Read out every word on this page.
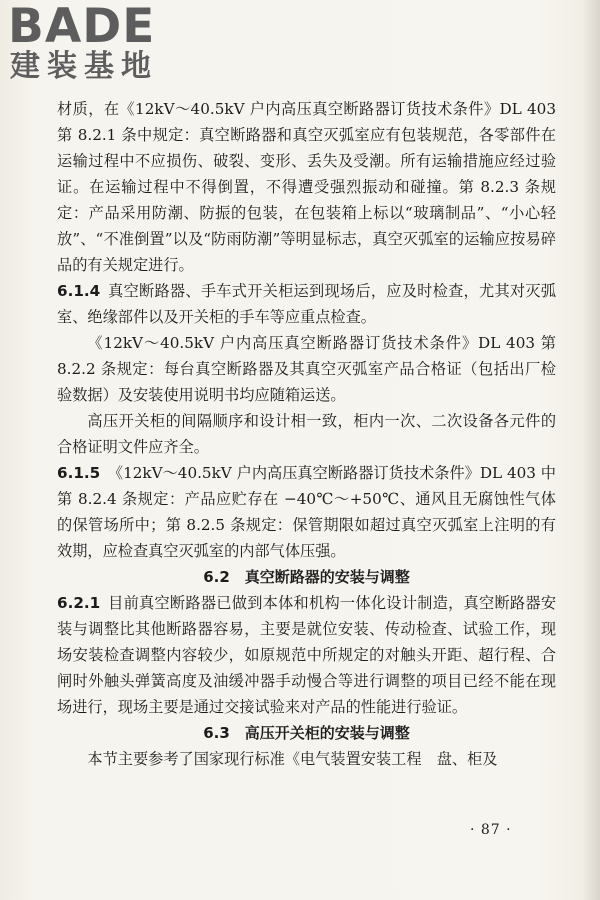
BADE
建装基地

材质，在《12kV～40.5kV 户内高压真空断路器订货技术条件》DL 403 第 8.2.1 条中规定：真空断路器和真空灭弧室应有包装规范，各零部件在运输过程中不应损伤、破裂、变形、丢失及受潮。所有运输措施应经过验证。在运输过程中不得倒置，不得遭受强烈振动和碰撞。第 8.2.3 条规定：产品采用防潮、防振的包装，在包装箱上标以“玻璃制品”、“小心轻放”、“不准倒置”以及“防雨防潮”等明显标志，真空灭弧室的运输应按易碎品的有关规定进行。

6.1.4 真空断路器、手车式开关柜运到现场后，应及时检查，尤其对灭弧室、绝缘部件以及开关柜的手车等应重点检查。

《12kV～40.5kV 户内高压真空断路器订货技术条件》DL 403 第 8.2.2 条规定：每台真空断路器及其真空灭弧室产品合格证（包括出厂检验数据）及安装使用说明书均应随箱运送。

高压开关柜的间隔顺序和设计相一致，柜内一次、二次设备各元件的合格证明文件应齐全。

6.1.5 《12kV～40.5kV 户内高压真空断路器订货技术条件》DL 403 中第 8.2.4 条规定：产品应贮存在 −40℃～+50℃、通风且无腐蚀性气体的保管场所中；第 8.2.5 条规定：保管期限如超过真空灭弧室上注明的有效期，应检查真空灭弧室的内部气体压强。

6.2 真空断路器的安装与调整

6.2.1 目前真空断路器已做到本体和机构一体化设计制造，真空断路器安装与调整比其他断路器容易，主要是就位安装、传动检查、试验工作，现场安装检查调整内容较少，如原规范中所规定的对触头开距、超行程、合闸时外触头弹簧高度及油缓冲器手动慢合等进行调整的项目已经不能在现场进行，现场主要是通过交接试验来对产品的性能进行验证。

6.3 高压开关柜的安装与调整

本节主要参考了国家现行标准《电气装置安装工程　盘、柜及

· 87 ·
